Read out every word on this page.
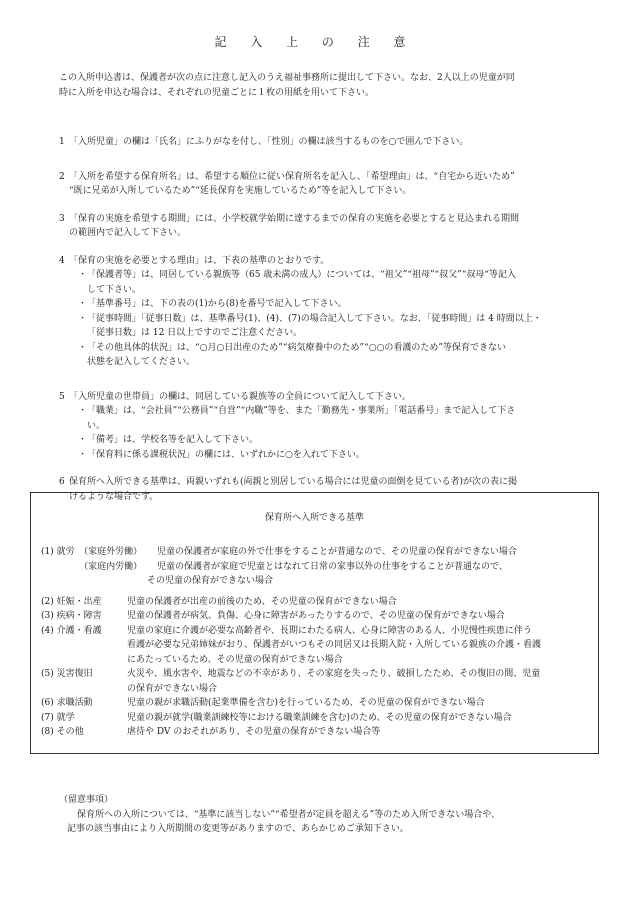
記 入 上 の 注 意
この入所申込書は、保護者が次の点に注意し記入のうえ福祉事務所に提出して下さい。なお、2人以上の児童が同
時に入所を申込む場合は、それぞれの児童ごとに１枚の用紙を用いて下さい。
1 「入所児童」の欄は「氏名」にふりがなを付し、「性別」の欄は該当するものを○で囲んで下さい。
2 「入所を希望する保育所名」は、希望する順位に従い保育所名を記入し、「希望理由」は、“自宅から近いため”
“既に兄弟が入所しているため”“延長保育を実施しているため”等を記入して下さい。
3 「保育の実施を希望する期間」には、小学校就学始期に達するまでの保育の実施を必要とすると見込まれる期間
の範囲内で記入して下さい。
4 「保育の実施を必要とする理由」は、下表の基準のとおりです。
・ 「保護者等」は、同居している親族等（65 歳未満の成人）については、“祖父”“祖母”“叔父”“叔母“等記入
して下さい。
・ 「基準番号」は、下の表の(1)から(8)を番号で記入して下さい。
・ 「従事時間」「従事日数」は、基準番号(1)、(4)、(7)の場合記入して下さい。なお、「従事時間」は 4 時間以上・
「従事日数」は 12 日以上ですのでご注意ください。
・ 「その他具体的状況」は、“○月○日出産のため”“病気療養中のため”“○○の看護のため”等保育できない
状態を記入してください。
5 「入所児童の世帯員」の欄は、同居している親族等の全員について記入して下さい。
・ 「職業」は、“会社員”“公務員”“自営”“内職”等を、また「勤務先・事業所」「電話番号」まで記入して下さ
い。
・ 「備考」は、学校名等を記入して下さい。
・ 「保育料に係る課税状況」の欄には、いずれかに○を入れて下さい。
6 保育所へ入所できる基準は、両親いずれも(両親と別居している場合には児童の面倒を見ている者)が次の表に掲
げるような場合です。
保育所へ入所できる基準
(1) 就労　（家庭外労働） 児童の保護者が家庭の外で仕事をすることが普通なので、その児童の保育ができない場合
　（家庭内労働） 児童の保護者が家庭で児童とはなれて日常の家事以外の仕事をすることが普通なので、
その児童の保育ができない場合
(2) 妊娠・出産	児童の保護者が出産の前後のため、その児童の保育ができない場合
(3) 疾病・障害	児童の保護者が病気、負傷、心身に障害があったりするので、その児童の保育ができない場合
(4) 介護・看護	児童の家庭に介護が必要な高齢者や、長期にわたる病人、心身に障害のある人、小児慢性疾患に伴う
看護が必要な兄弟姉妹がおり、保護者がいつもその同居又は長期入院・入所している親族の介護・看護
にあたっているため、その児童の保育ができない場合
(5) 災害復旧	火災や、風水害や、地震などの不幸があり、その家庭を失ったり、破損したため、その復旧の間、児童
の保育ができない場合
(6) 求職活動	児童の親が求職活動(起業準備を含む)を行っているため、その児童の保育ができない場合
(7) 就学	児童の親が就学(職業訓練校等における職業訓練を含む)のため、その児童の保育ができない場合
(8) その他	虐待や DV のおそれがあり、その児童の保育ができない場合等
（留意事項）
保育所への入所については、“基準に該当しない”“希望者が定員を超える”等のため入所できない場合や、
記事の該当事由により入所期間の変更等がありますので、あらかじめご承知下さい。
